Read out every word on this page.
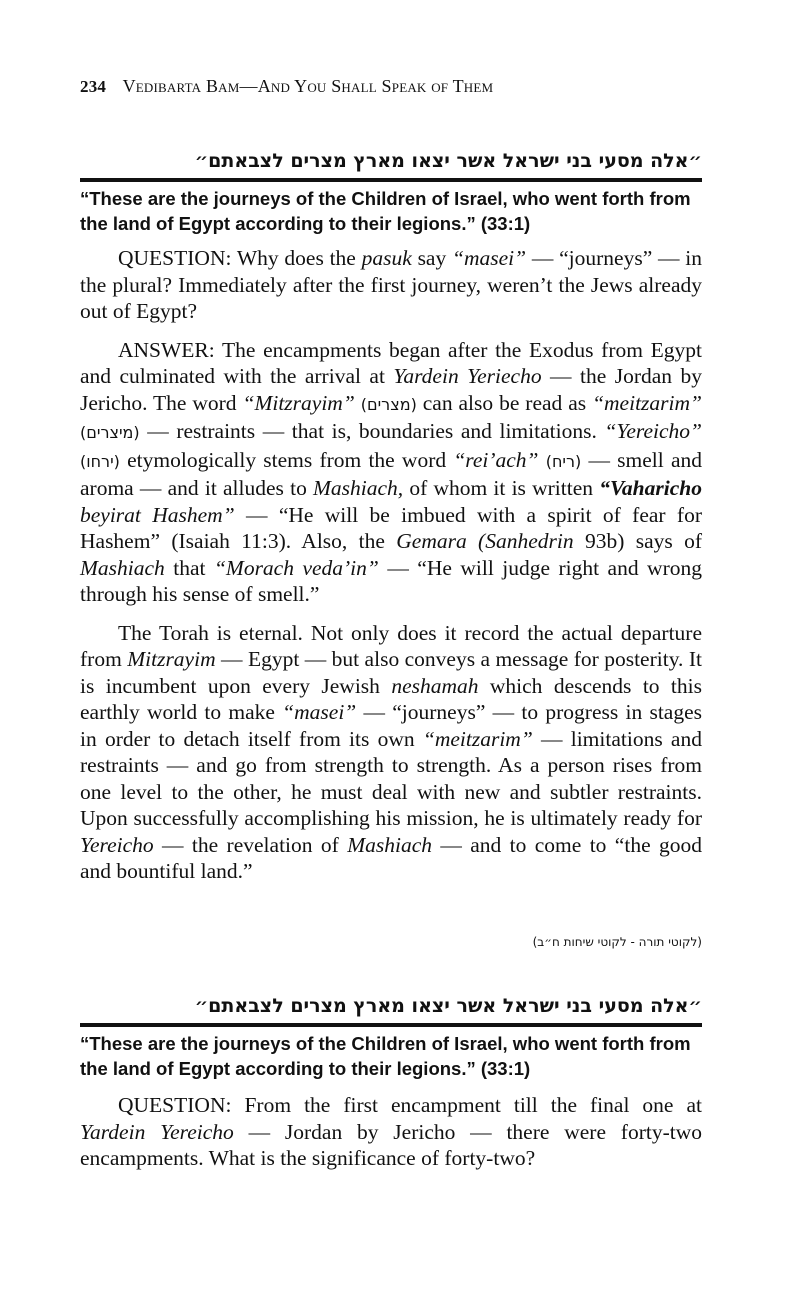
234 Vedibarta Bam—And You Shall Speak of Them
״אלה מסעי בני ישראל אשר יצאו מארץ מצרים לצבאתם״
“These are the journeys of the Children of Israel, who went forth from the land of Egypt according to their legions.” (33:1)

QUESTION: Why does the pasuk say “masei” — “journeys” — in the plural? Immediately after the first journey, weren’t the Jews already out of Egypt?

ANSWER: The encampments began after the Exodus from Egypt and culminated with the arrival at Yardein Yeriecho — the Jordan by Jericho. The word “Mitzrayim” (מצרים) can also be read as “meitzarim” (מיצרים) — restraints — that is, boundaries and limitations. “Yereicho” (ירחו) etymologically stems from the word “rei’ach” (ריח) — smell and aroma — and it alludes to Mashiach, of whom it is written “Vaharicho beyirat Hashem” — “He will be imbued with a spirit of fear for Hashem” (Isaiah 11:3). Also, the Gemara (Sanhedrin 93b) says of Mashiach that “Morach veda’in” — “He will judge right and wrong through his sense of smell.”

The Torah is eternal. Not only does it record the actual departure from Mitzrayim — Egypt — but also conveys a message for posterity. It is incumbent upon every Jewish neshamah which descends to this earthly world to make “masei” — “journeys” — to progress in stages in order to detach itself from its own “meitzarim” — limitations and restraints — and go from strength to strength. As a person rises from one level to the other, he must deal with new and subtler restraints. Upon successfully accomplishing his mission, he is ultimately ready for Yereicho — the revelation of Mashiach — and to come to “the good and bountiful land.”

(לקוטי תורה - לקוטי שיחות ח״ב)
״אלה מסעי בני ישראל אשר יצאו מארץ מצרים לצבאתם״
“These are the journeys of the Children of Israel, who went forth from the land of Egypt according to their legions.” (33:1)

QUESTION: From the first encampment till the final one at Yardein Yereicho — Jordan by Jericho — there were forty-two encampments. What is the significance of forty-two?
